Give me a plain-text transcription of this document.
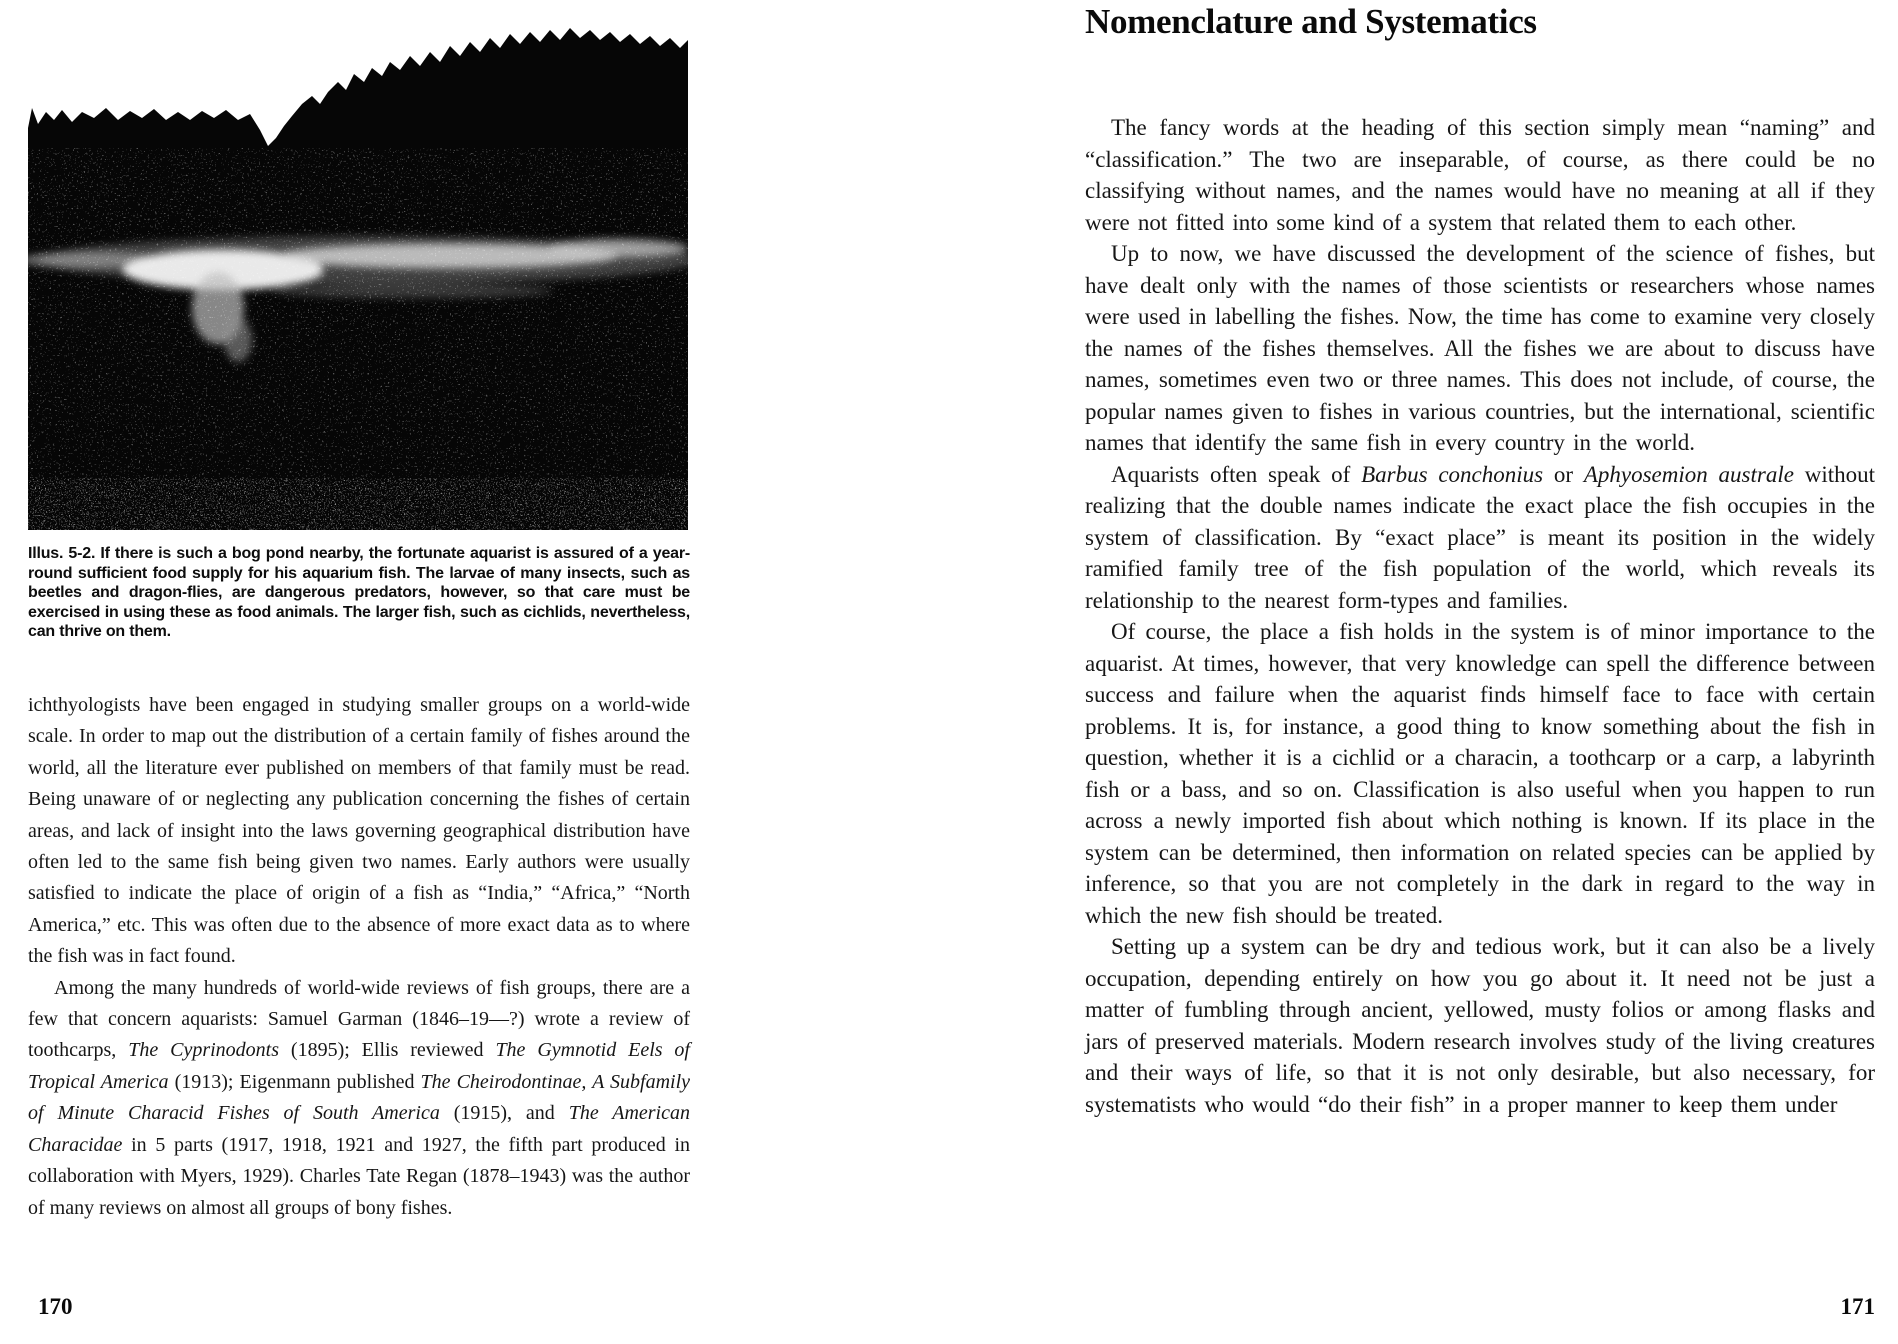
Illus. 5-2. If there is such a bog pond nearby, the fortunate aquarist is assured of a year-round sufficient food supply for his aquarium fish. The larvae of many insects, such as beetles and dragon-flies, are dangerous predators, however, so that care must be exercised in using these as food animals. The larger fish, such as cichlids, nevertheless, can thrive on them.

ichthyologists have been engaged in studying smaller groups on a world-wide scale. In order to map out the distribution of a certain family of fishes around the world, all the literature ever published on members of that family must be read. Being unaware of or neglecting any publication concerning the fishes of certain areas, and lack of insight into the laws governing geographical distribution have often led to the same fish being given two names. Early authors were usually satisfied to indicate the place of origin of a fish as “India,” “Africa,” “North America,” etc. This was often due to the absence of more exact data as to where the fish was in fact found.

Among the many hundreds of world-wide reviews of fish groups, there are a few that concern aquarists: Samuel Garman (1846–19—?) wrote a review of toothcarps, The Cyprinodonts (1895); Ellis reviewed The Gymnotid Eels of Tropical America (1913); Eigenmann published The Cheirodontinae, A Subfamily of Minute Characid Fishes of South America (1915), and The American Characidae in 5 parts (1917, 1918, 1921 and 1927, the fifth part produced in collaboration with Myers, 1929). Charles Tate Regan (1878–1943) was the author of many reviews on almost all groups of bony fishes.

170
Nomenclature and Systematics

The fancy words at the heading of this section simply mean “naming” and “classification.” The two are inseparable, of course, as there could be no classifying without names, and the names would have no meaning at all if they were not fitted into some kind of a system that related them to each other.

Up to now, we have discussed the development of the science of fishes, but have dealt only with the names of those scientists or researchers whose names were used in labelling the fishes. Now, the time has come to examine very closely the names of the fishes themselves. All the fishes we are about to discuss have names, sometimes even two or three names. This does not include, of course, the popular names given to fishes in various countries, but the international, scientific names that identify the same fish in every country in the world.

Aquarists often speak of Barbus conchonius or Aphyosemion australe without realizing that the double names indicate the exact place the fish occupies in the system of classification. By “exact place” is meant its position in the widely ramified family tree of the fish population of the world, which reveals its relationship to the nearest form-types and families.

Of course, the place a fish holds in the system is of minor importance to the aquarist. At times, however, that very knowledge can spell the difference between success and failure when the aquarist finds himself face to face with certain problems. It is, for instance, a good thing to know something about the fish in question, whether it is a cichlid or a characin, a toothcarp or a carp, a labyrinth fish or a bass, and so on. Classification is also useful when you happen to run across a newly imported fish about which nothing is known. If its place in the system can be determined, then information on related species can be applied by inference, so that you are not completely in the dark in regard to the way in which the new fish should be treated.

Setting up a system can be dry and tedious work, but it can also be a lively occupation, depending entirely on how you go about it. It need not be just a matter of fumbling through ancient, yellowed, musty folios or among flasks and jars of preserved materials. Modern research involves study of the living creatures and their ways of life, so that it is not only desirable, but also necessary, for systematists who would “do their fish” in a proper manner to keep them under

171
